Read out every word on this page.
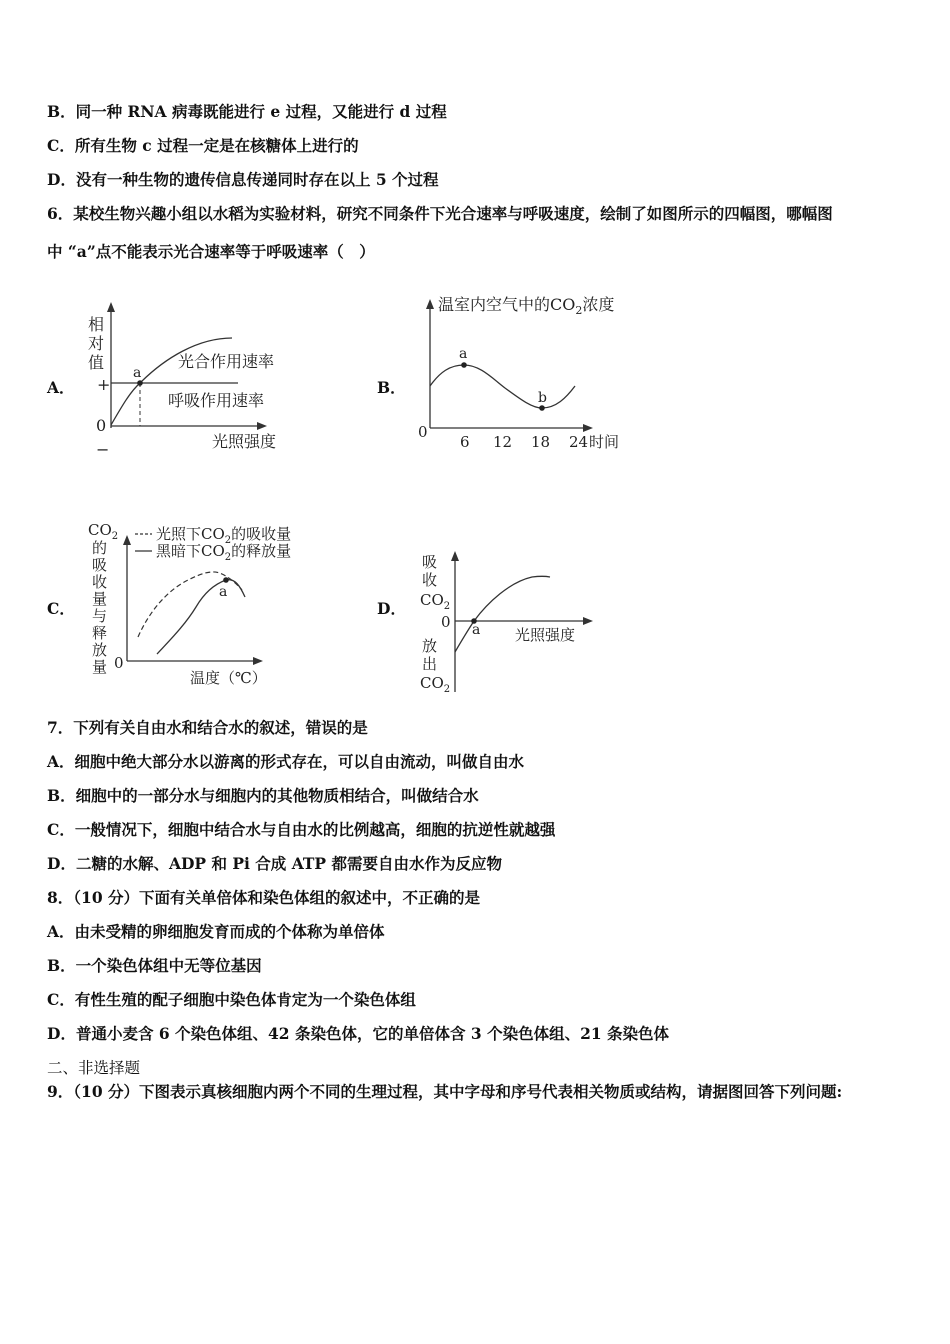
B．同一种 RNA 病毒既能进行 e 过程，又能进行 d 过程
C．所有生物 c 过程一定是在核糖体上进行的
D．没有一种生物的遗传信息传递同时存在以上 5 个过程
6．某校生物兴趣小组以水稻为实验材料，研究不同条件下光合速率与呼吸速度，绘制了如图所示的四幅图，哪幅图
中 “a”点不能表示光合速率等于呼吸速率（　）
A．
相
对
值
+
0
−
a
光合作用速率
呼吸作用速率
光照强度
B．
温室内空气中的$CO_2$浓度
0
6 12 18 24 时间
a
b
C．
$CO_2$
的
吸
收
量
与
释
放
量 0
温度（℃）
光照下$CO_2$的吸收量
黑暗下$CO_2$的释放量
a
D．
吸
收
$CO_2$
0
放
出
$CO_2$
光照强度
a
7．下列有关自由水和结合水的叙述，错误的是
A．细胞中绝大部分水以游离的形式存在，可以自由流动，叫做自由水
B．细胞中的一部分水与细胞内的其他物质相结合，叫做结合水
C．一般情况下，细胞中结合水与自由水的比例越高，细胞的抗逆性就越强
D．二糖的水解、ADP 和 Pi 合成 ATP 都需要自由水作为反应物
8．（10 分）下面有关单倍体和染色体组的叙述中，不正确的是
A．由未受精的卵细胞发育而成的个体称为单倍体
B．一个染色体组中无等位基因
C．有性生殖的配子细胞中染色体肯定为一个染色体组
D．普通小麦含 6 个染色体组、42 条染色体，它的单倍体含 3 个染色体组、21 条染色体
二、非选择题
9．（10 分）下图表示真核细胞内两个不同的生理过程，其中字母和序号代表相关物质或结构，请据图回答下列问题:
